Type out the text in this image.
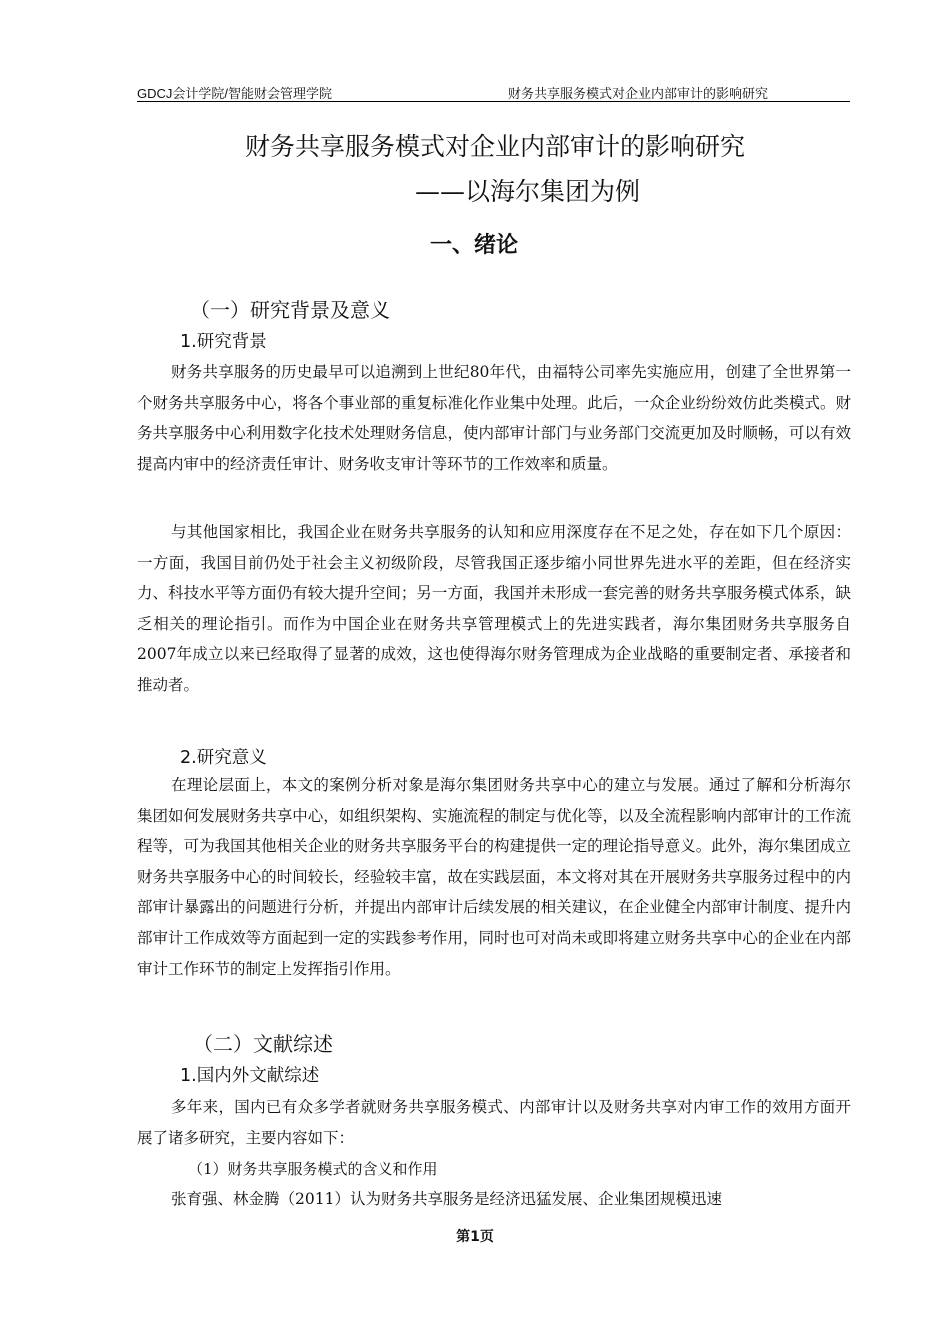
GDCJ会计学院/智能财会管理学院	财务共享服务模式对企业内部审计的影响研究
财务共享服务模式对企业内部审计的影响研究
——以海尔集团为例
一、绪论
（一）研究背景及意义
1.研究背景

财务共享服务的历史最早可以追溯到上世纪80年代，由福特公司率先实施应用，创建了全世界第一个财务共享服务中心，将各个事业部的重复标准化作业集中处理。此后，一众企业纷纷效仿此类模式。财务共享服务中心利用数字化技术处理财务信息，使内部审计部门与业务部门交流更加及时顺畅，可以有效提高内审中的经济责任审计、财务收支审计等环节的工作效率和质量。

与其他国家相比，我国企业在财务共享服务的认知和应用深度存在不足之处，存在如下几个原因：一方面，我国目前仍处于社会主义初级阶段，尽管我国正逐步缩小同世界先进水平的差距，但在经济实力、科技水平等方面仍有较大提升空间；另一方面，我国并未形成一套完善的财务共享服务模式体系，缺乏相关的理论指引。而作为中国企业在财务共享管理模式上的先进实践者，海尔集团财务共享服务自2007年成立以来已经取得了显著的成效，这也使得海尔财务管理成为企业战略的重要制定者、承接者和推动者。

2.研究意义

在理论层面上，本文的案例分析对象是海尔集团财务共享中心的建立与发展。通过了解和分析海尔集团如何发展财务共享中心，如组织架构、实施流程的制定与优化等，以及全流程影响内部审计的工作流程等，可为我国其他相关企业的财务共享服务平台的构建提供一定的理论指导意义。此外，海尔集团成立财务共享服务中心的时间较长，经验较丰富，故在实践层面，本文将对其在开展财务共享服务过程中的内部审计暴露出的问题进行分析，并提出内部审计后续发展的相关建议，在企业健全内部审计制度、提升内部审计工作成效等方面起到一定的实践参考作用，同时也可对尚未或即将建立财务共享中心的企业在内部审计工作环节的制定上发挥指引作用。

（二）文献综述
1.国内外文献综述

多年来，国内已有众多学者就财务共享服务模式、内部审计以及财务共享对内审工作的效用方面开展了诸多研究，主要内容如下：

（1）财务共享服务模式的含义和作用

张育强、林金腾（2011）认为财务共享服务是经济迅猛发展、企业集团规模迅速

第1页
